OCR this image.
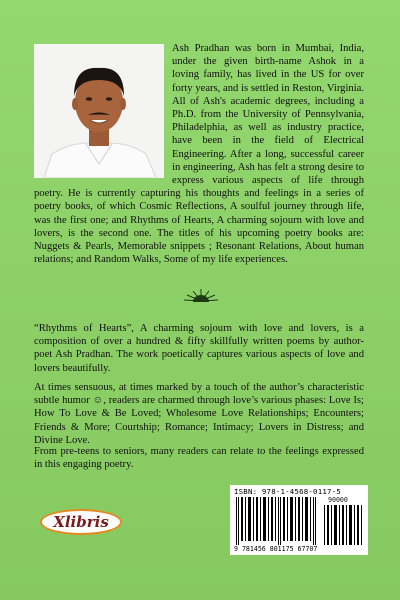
Ash Pradhan was born in Mumbai, India, under the given birth-name Ashok in a loving family, has lived in the US for over forty years, and is settled in Reston, Virginia. All of Ash's academic degrees, including a Ph.D. from the University of Pennsylvania, Philadelphia, as well as industry practice, have been in the field of Electrical Engineering. After a long, successful career in engineering, Ash has felt a strong desire to express various aspects of life through poetry. He is currently capturing his thoughts and feelings in a series of poetry books, of which Cosmic Reflections, A soulful journey through life, was the first one; and Rhythms of Hearts, A charming sojourn with love and lovers, is the second one. The titles of his upcoming poetry books are: Nuggets & Pearls, Memorable snippets ; Resonant Relations, About human relations; and Random Walks, Some of my life experiences.
“Rhythms of Hearts”, A charming sojourn with love and lovers, is a composition of over a hundred & fifty skillfully written poems by author-poet Ash Pradhan. The work poetically captures various aspects of love and lovers beautifully.
At times sensuous, at times marked by a touch of the author’s characteristic subtle humor ☺, readers are charmed through love’s various phases: Love Is; How To Love & Be Loved; Wholesome Love Relationships; Encounters; Friends & More; Courtship; Romance; Intimacy; Lovers in Distress; and Divine Love.
From pre-teens to seniors, many readers can relate to the feelings expressed in this engaging poetry.
Xlibris
ISBN: 978-1-4568-0117-5
90000
9 781456 801175 67707
